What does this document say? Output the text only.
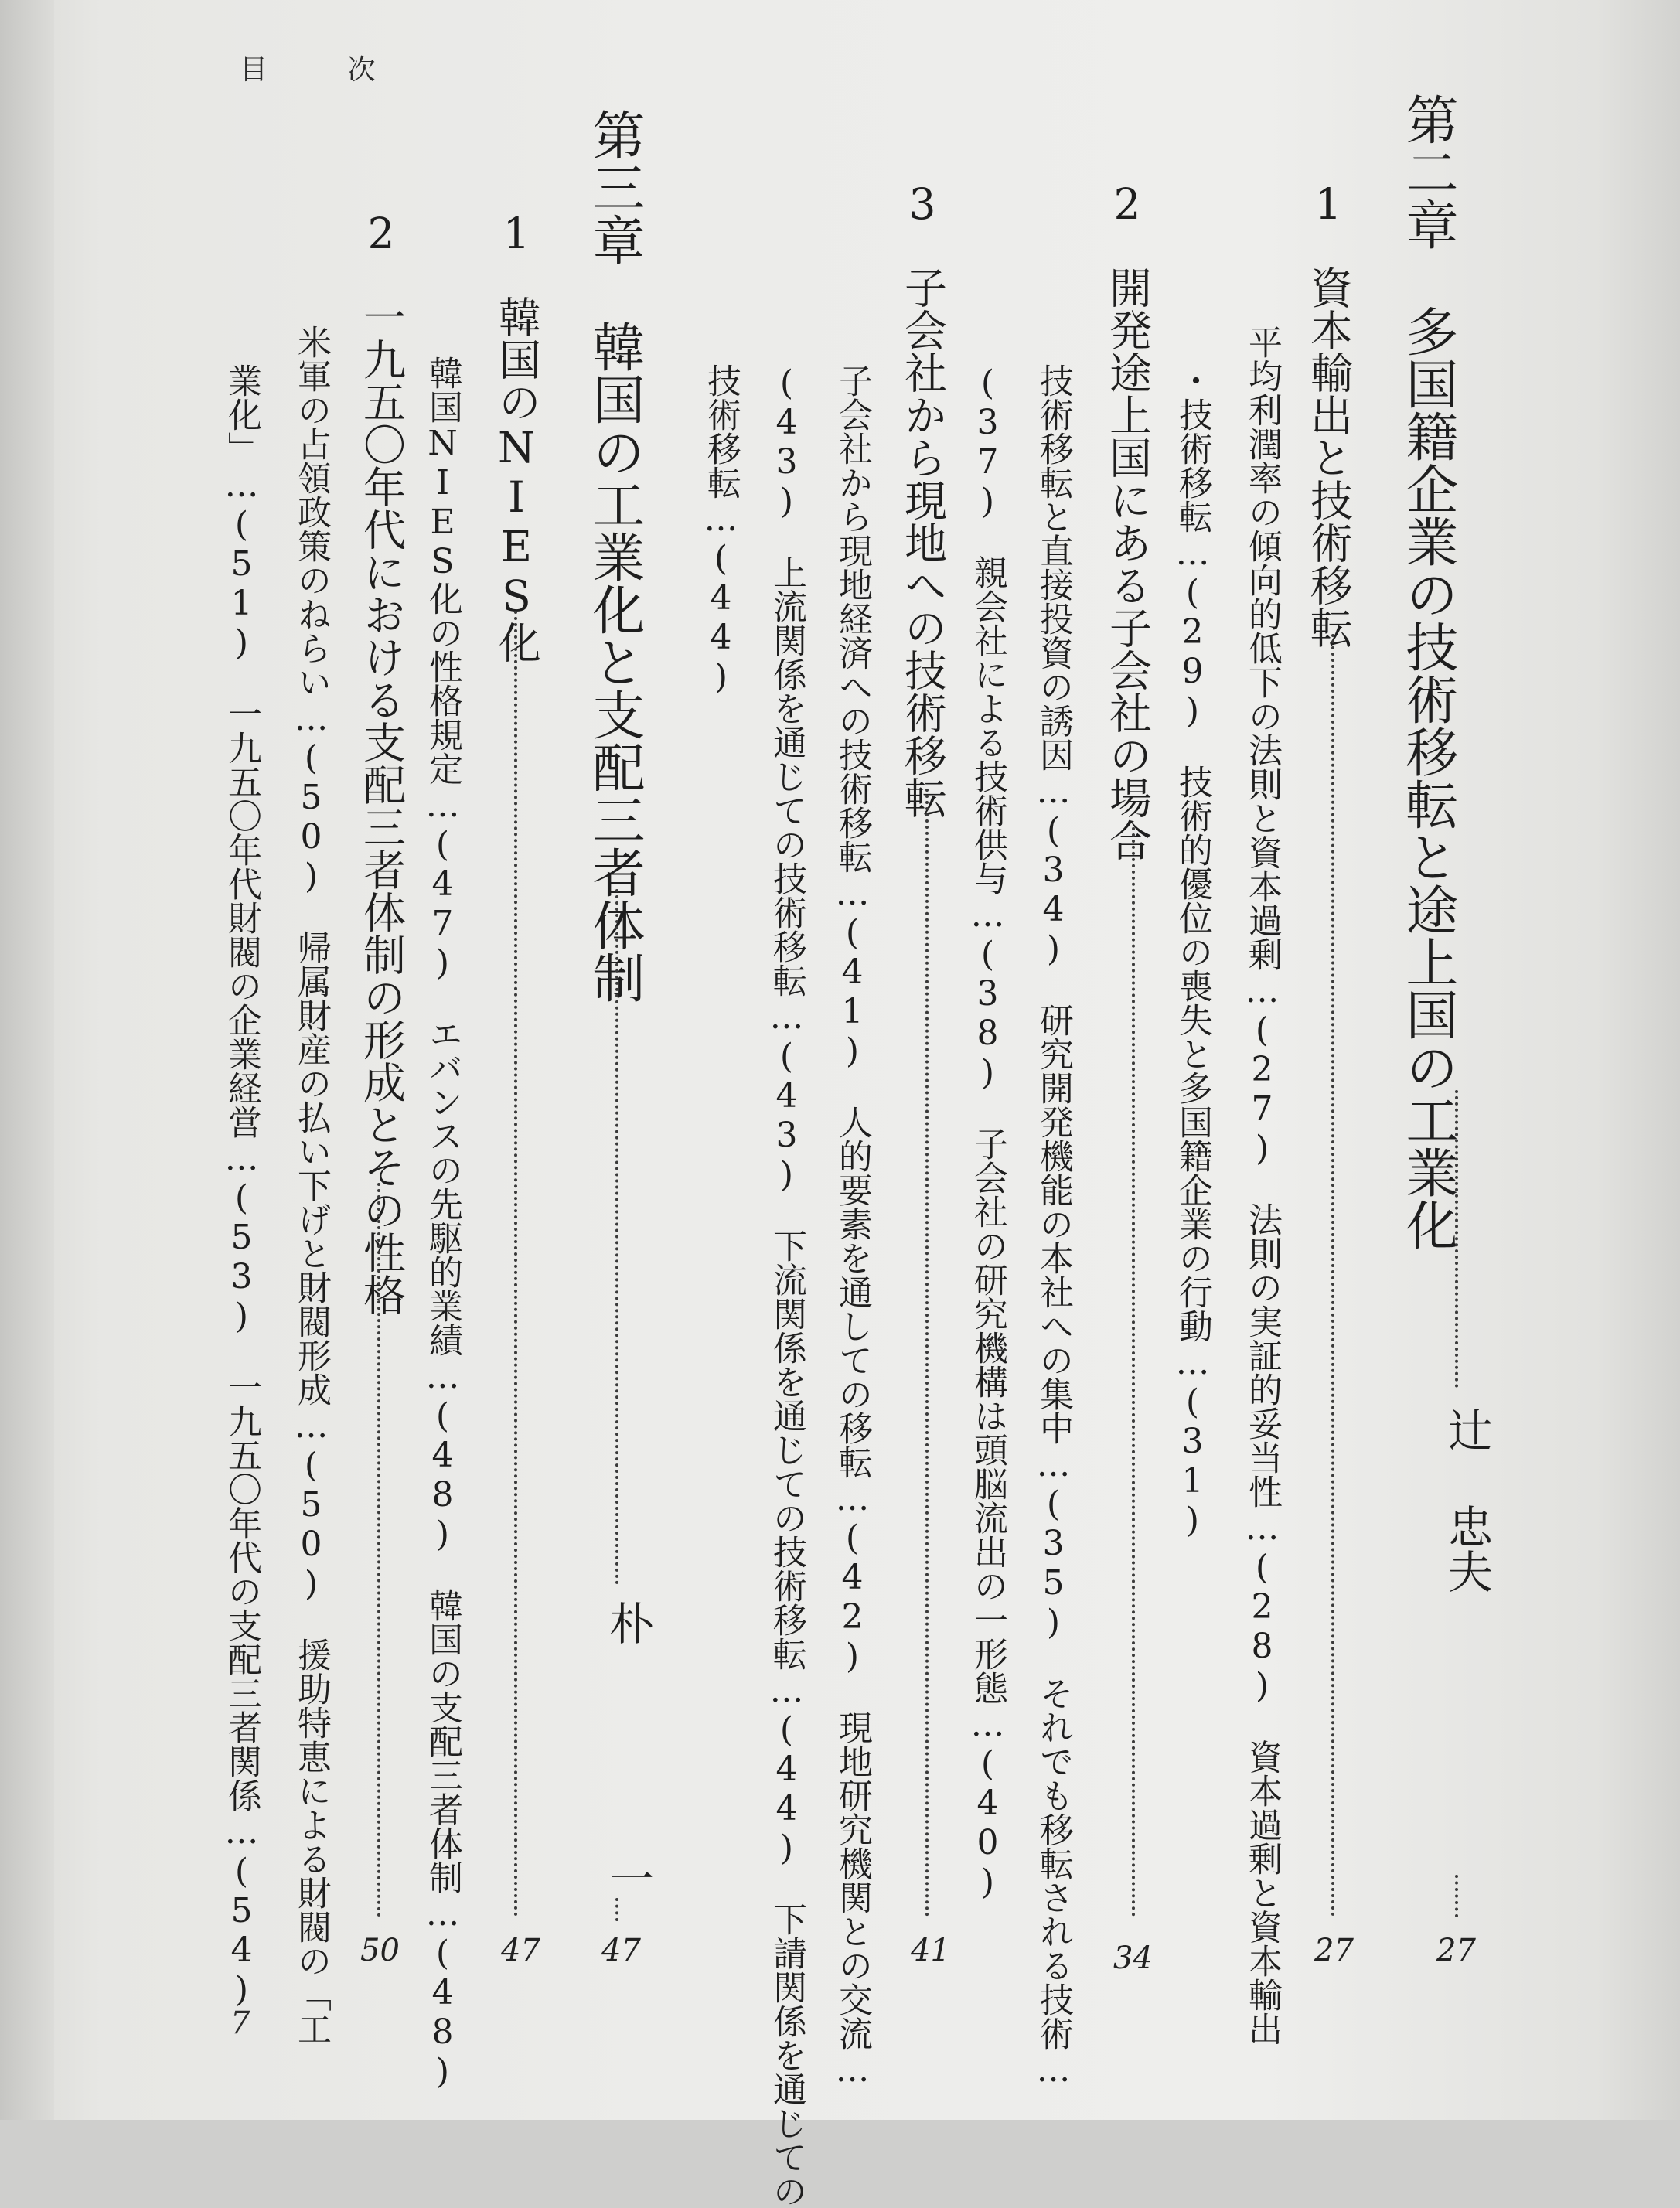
目 次
第二章多国籍企業の技術移転と途上国の工業化
辻
忠夫
27
1資本輸出と技術移転
27
平均利潤率の傾向的低下の法則と資本過剰…(27)　法則の実証的妥当性…(28)　資本過剰と資本輸出
・技術移転…(29)　技術的優位の喪失と多国籍企業の行動…(31)
2開発途上国にある子会社の場合
34
技術移転と直接投資の誘因…(34)　研究開発機能の本社への集中…(35)　それでも移転される技術…
(37)　親会社による技術供与…(38)　子会社の研究機構は頭脳流出の一形態…(40)
3子会社から現地への技術移転
41
子会社から現地経済への技術移転…(41)　人的要素を通しての移転…(42)　現地研究機関との交流…
(43)　上流関係を通じての技術移転…(43)　下流関係を通じての技術移転…(44)　下請関係を通じての
技術移転…(44)
第三章韓国の工業化と支配三者体制
朴
一
47
1韓国のNIES化
47
韓国NIES化の性格規定…(47)　エバンスの先駆的業績…(48)　韓国の支配三者体制…(48)
2一九五〇年代における支配三者体制の形成とその性格
50
米軍の占領政策のねらい…(50)　帰属財産の払い下げと財閥形成…(50)　援助特恵による財閥の「工
業化」…(51)　一九五〇年代財閥の企業経営…(53)　一九五〇年代の支配三者関係…(54)
7
